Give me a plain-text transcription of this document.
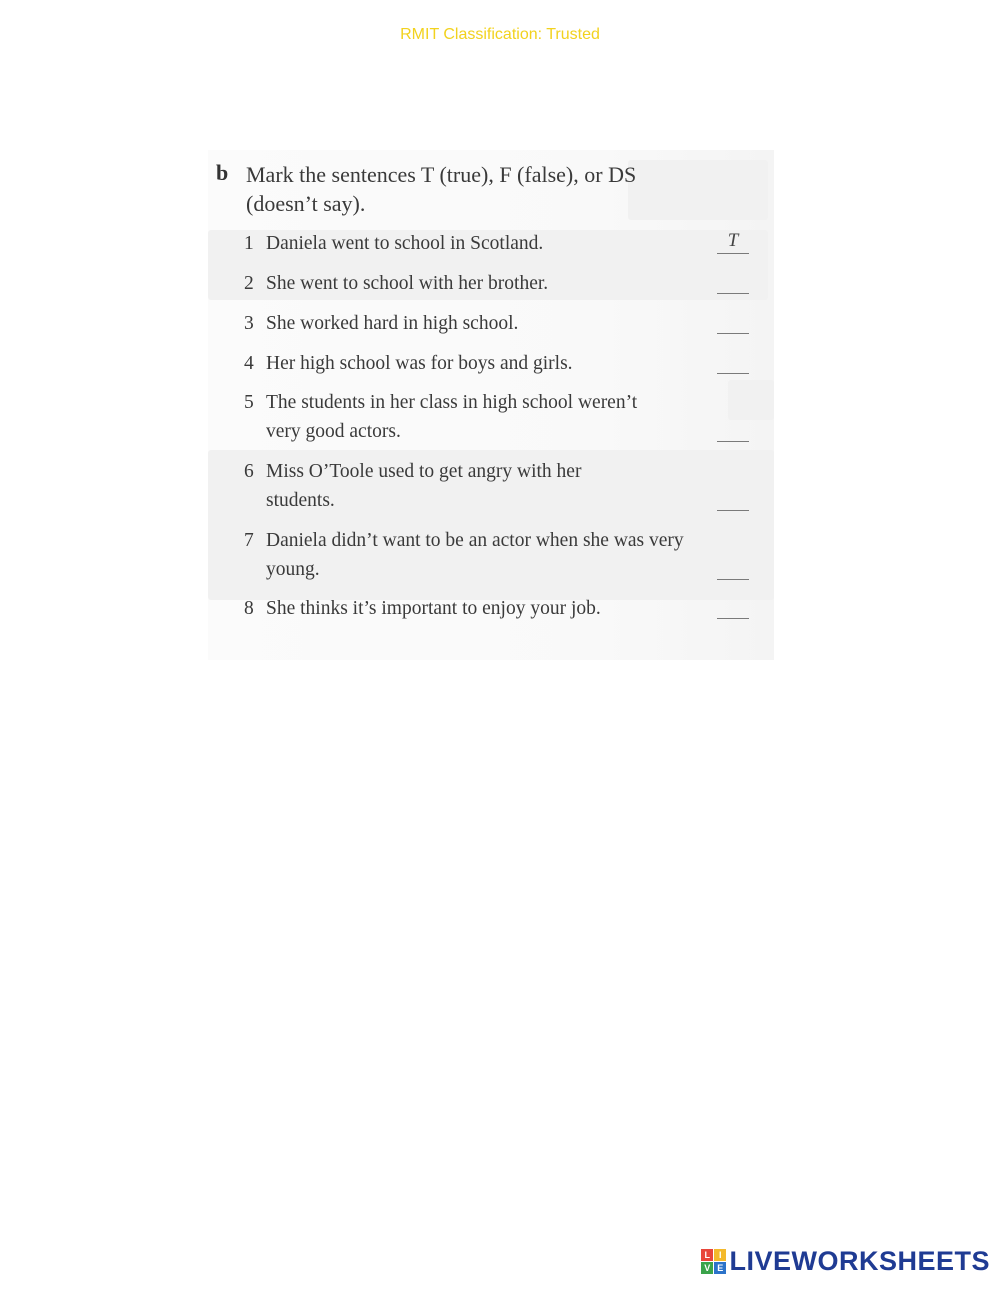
RMIT Classification: Trusted
b Mark the sentences T (true), F (false), or DS (doesn’t say).
1 Daniela went to school in Scotland.	T
2 She went to school with her brother.
3 She worked hard in high school.
4 Her high school was for boys and girls.
5 The students in her class in high school weren’t very good actors.
6 Miss O’Toole used to get angry with her students.
7 Daniela didn’t want to be an actor when she was very young.
8 She thinks it’s important to enjoy your job.
L I
V E LIVEWORKSHEETS
